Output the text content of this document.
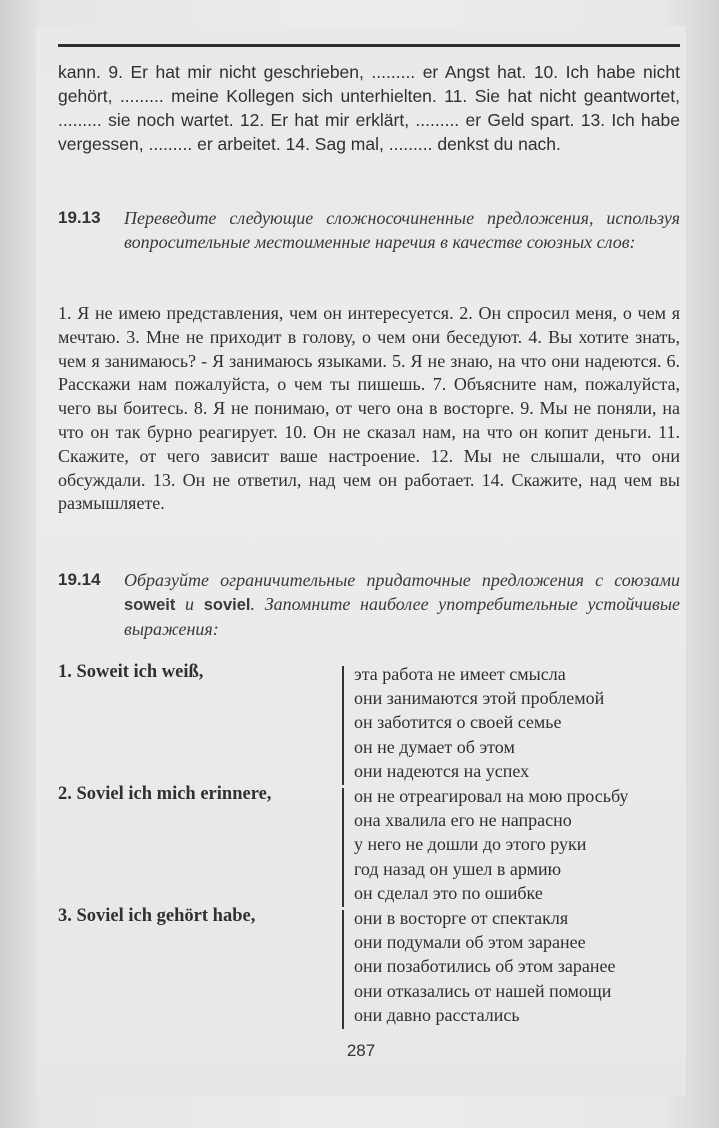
kann. 9. Er hat mir nicht geschrieben, ......... er Angst hat. 10. Ich habe nicht gehört, ......... meine Kollegen sich unterhielten. 11. Sie hat nicht geantwortet, ......... sie noch wartet. 12. Er hat mir erklärt, ......... er Geld spart. 13. Ich habe vergessen, ......... er arbeitet. 14. Sag mal, ......... denkst du nach.
19.13 Переведите следующие сложносочиненные предложения, используя вопросительные местоименные наречия в качестве союзных слов:
1. Я не имею представления, чем он интересуется. 2. Он спросил меня, о чем я мечтаю. 3. Мне не приходит в голову, о чем они беседуют. 4. Вы хотите знать, чем я занимаюсь? - Я занимаюсь языками. 5. Я не знаю, на что они надеются. 6. Расскажи нам пожалуйста, о чем ты пишешь. 7. Объясните нам, пожалуйста, чего вы боитесь. 8. Я не понимаю, от чего она в восторге. 9. Мы не поняли, на что он так бурно реагирует. 10. Он не сказал нам, на что он копит деньги. 11. Скажите, от чего зависит ваше настроение. 12. Мы не слышали, что они обсуждали. 13. Он не ответил, над чем он работает. 14. Скажите, над чем вы размышляете.
19.14 Образуйте ограничительные придаточные предложения с союзами soweit и soviel. Запомните наиболее употребительные устойчивые выражения:
1. Soweit ich weiß,	эта работа не имеет смысла
они занимаются этой проблемой
он заботится о своей семье
он не думает об этом
они надеются на успех
2. Soviel ich mich erinnere,	он не отреагировал на мою просьбу
она хвалила его не напрасно
у него не дошли до этого руки
год назад он ушел в армию
он сделал это по ошибке
3. Soviel ich gehört habe,	они в восторге от спектакля
они подумали об этом заранее
они позаботились об этом заранее
они отказались от нашей помощи
они давно расстались
287
